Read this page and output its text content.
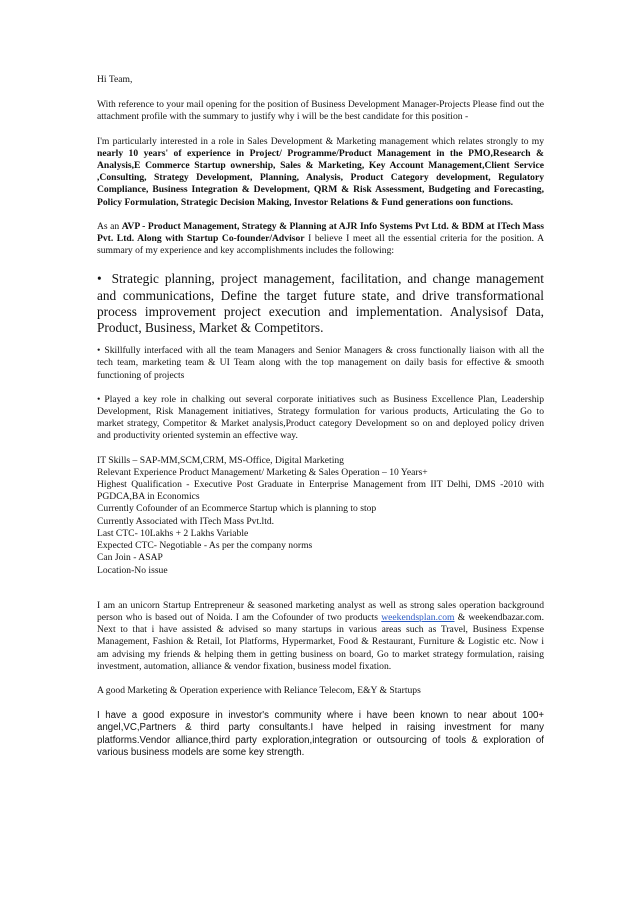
Hi Team,

With reference to your mail opening for the position of Business Development Manager-Projects Please find out the attachment profile with the summary to justify why i will be the best candidate for this position -

I'm particularly interested in a role in Sales Development & Marketing management which relates strongly to my nearly 10 years' of experience in Project/ Programme/Product Management in the PMO,Research & Analysis,E Commerce Startup ownership, Sales & Marketing, Key Account Management,Client Service ,Consulting, Strategy Development, Planning, Analysis, Product Category development, Regulatory Compliance, Business Integration & Development, QRM & Risk Assessment, Budgeting and Forecasting, Policy Formulation, Strategic Decision Making, Investor Relations & Fund generations oon functions.

As an AVP - Product Management, Strategy & Planning at AJR Info Systems Pvt Ltd. & BDM at ITech Mass Pvt. Ltd. Along with Startup Co-founder/Advisor I believe I meet all the essential criteria for the position. A summary of my experience and key accomplishments includes the following:

• Strategic planning, project management, facilitation, and change management and communications, Define the target future state, and drive transformational process improvement project execution and implementation. Analysisof Data, Product, Business, Market & Competitors.

• Skillfully interfaced with all the team Managers and Senior Managers & cross functionally liaison with all the tech team, marketing team & UI Team along with the top management on daily basis for effective & smooth functioning of projects

• Played a key role in chalking out several corporate initiatives such as Business Excellence Plan, Leadership Development, Risk Management initiatives, Strategy formulation for various products, Articulating the Go to market strategy, Competitor & Market analysis,Product category Development so on and deployed policy driven and productivity oriented systemin an effective way.

IT Skills – SAP-MM,SCM,CRM, MS-Office, Digital Marketing

Relevant Experience Product Management/ Marketing & Sales Operation – 10 Years+

Highest Qualification - Executive Post Graduate in Enterprise Management from IIT Delhi, DMS -2010 with PGDCA,BA in Economics

Currently Cofounder of an Ecommerce Startup which is planning to stop

Currently Associated with ITech Mass Pvt.ltd.

Last CTC- 10Lakhs + 2 Lakhs Variable

Expected CTC- Negotiable - As per the company norms

Can Join - ASAP

Location-No issue

I am an unicorn Startup Entrepreneur & seasoned marketing analyst as well as strong sales operation background person who is based out of Noida. I am the Cofounder of two products weekendsplan.com & weekendbazar.com. Next to that i have assisted & advised so many startups in various areas such as Travel, Business Expense Management, Fashion & Retail, Iot Platforms, Hypermarket, Food & Restaurant, Furniture & Logistic etc. Now i am advising my friends & helping them in getting business on board, Go to market strategy formulation, raising investment, automation, alliance & vendor fixation, business model fixation.

A good Marketing & Operation experience with Reliance Telecom, E&Y & Startups

I have a good exposure in investor's community where i have been known to near about 100+ angel,VC,Partners & third party consultants.I have helped in raising investment for many platforms.Vendor alliance,third party exploration,integration or outsourcing of tools & exploration of various business models are some key strength.
